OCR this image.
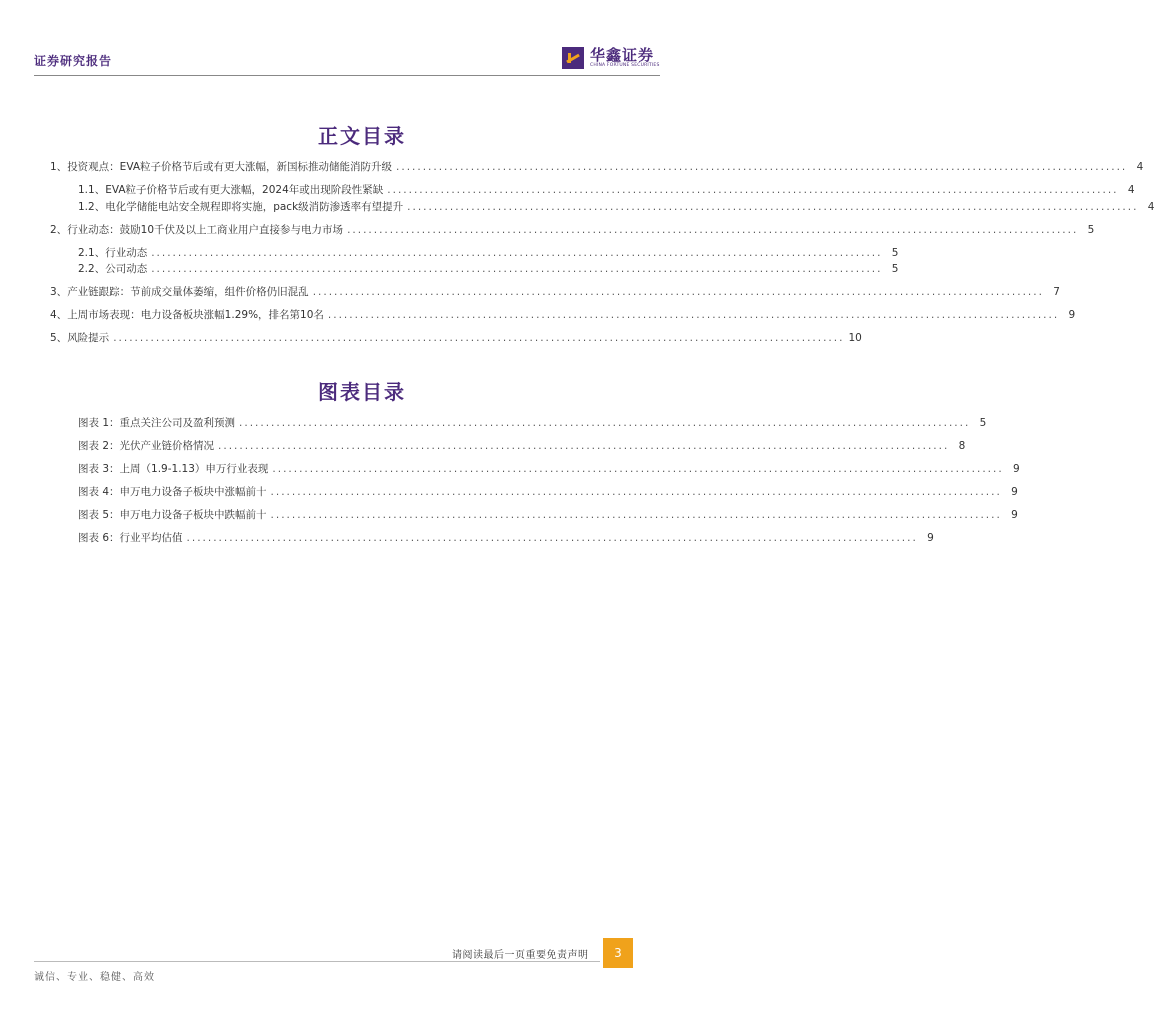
证券研究报告	华鑫证券
CHINA FORTUNE SECURITIES
正文目录
1、 投资观点：EVA粒子价格节后或有更大涨幅，新国标推动储能消防升级 ......................................................................................................................................... 4
1.1、 EVA粒子价格节后或有更大涨幅，2024年或出现阶段性紧缺 ......................................................................................................................................... 4
1.2、 电化学储能电站安全规程即将实施，pack级消防渗透率有望提升 ......................................................................................................................................... 4
2、 行业动态：鼓励10千伏及以上工商业用户直接参与电力市场 ......................................................................................................................................... 5
2.1、 行业动态 ......................................................................................................................................... 5
2.2、 公司动态 ......................................................................................................................................... 5
3、 产业链跟踪：节前成交量体萎缩，组件价格仍旧混乱 ......................................................................................................................................... 7
4、 上周市场表现：电力设备板块涨幅1.29%，排名第10名 ......................................................................................................................................... 9
5、 风险提示 ......................................................................................................................................... 10
图表目录
图表 1： 重点关注公司及盈利预测 ......................................................................................................................................... 5
图表 2： 光伏产业链价格情况 ......................................................................................................................................... 8
图表 3： 上周（1.9-1.13）申万行业表现 ......................................................................................................................................... 9
图表 4： 申万电力设备子板块中涨幅前十 ......................................................................................................................................... 9
图表 5： 申万电力设备子板块中跌幅前十 ......................................................................................................................................... 9
图表 6： 行业平均估值 ......................................................................................................................................... 9
请阅读最后一页重要免责声明	3
诚信、专业、稳健、高效
